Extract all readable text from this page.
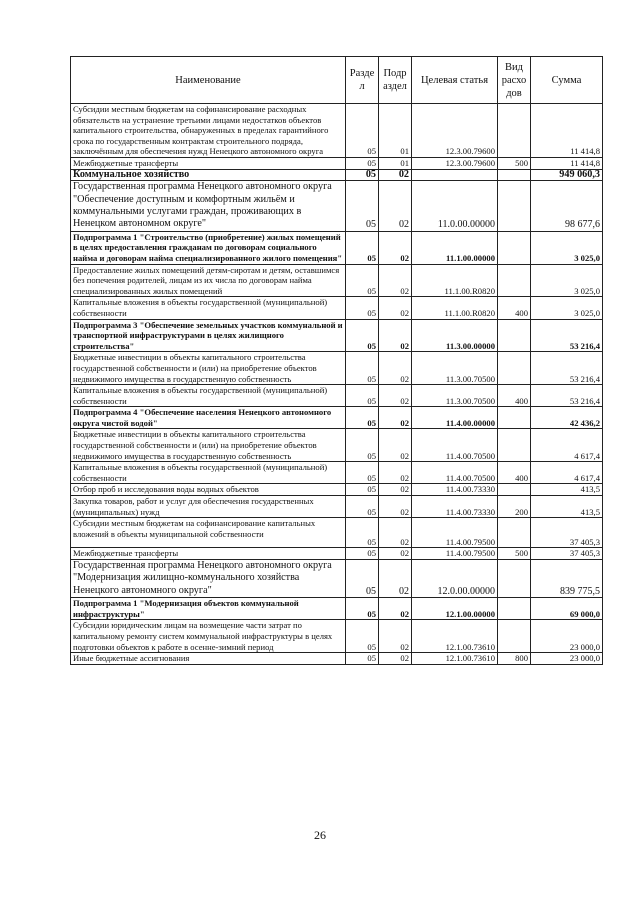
Наименование	Разде л	Подр аздел	Целевая статья	Вид расхо дов	Сумма
Субсидии местным бюджетам на софинансирование расходных обязательств на устранение третьими лицами недостатков объектов капитального строительства, обнаруженных в пределах гарантийного срока по государственным контрактам строительного подряда, заключённым для обеспечения нужд Ненецкого автономного округа	05	01	12.3.00.79600		11 414,8
Межбюджетные трансферты	05	01	12.3.00.79600	500	11 414,8
Коммунальное хозяйство	05	02			949 060,3
Государственная программа Ненецкого автономного округа "Обеспечение доступным и комфортным жильём и коммунальными услугами граждан, проживающих в Ненецком автономном округе"	05	02	11.0.00.00000		98 677,6
Подпрограмма 1 "Строительство (приобретение) жилых помещений в целях предоставления гражданам по договорам социального найма и договорам найма специализированного жилого помещения"	05	02	11.1.00.00000		3 025,0
Предоставление жилых помещений детям-сиротам и детям, оставшимся без попечения родителей, лицам из их числа по договорам найма специализированных жилых помещений	05	02	11.1.00.R0820		3 025,0
Капитальные вложения в объекты государственной (муниципальной) собственности	05	02	11.1.00.R0820	400	3 025,0
Подпрограмма 3 "Обеспечение земельных участков коммунальной и транспортной инфраструктурами в целях жилищного строительства"	05	02	11.3.00.00000		53 216,4
Бюджетные инвестиции в объекты капитального строительства государственной собственности и (или) на приобретение объектов недвижимого имущества в государственную собственность	05	02	11.3.00.70500		53 216,4
Капитальные вложения в объекты государственной (муниципальной) собственности	05	02	11.3.00.70500	400	53 216,4
Подпрограмма 4 "Обеспечение населения Ненецкого автономного округа чистой водой"	05	02	11.4.00.00000		42 436,2
Бюджетные инвестиции в объекты капитального строительства государственной собственности и (или) на приобретение объектов недвижимого имущества в государственную собственность	05	02	11.4.00.70500		4 617,4
Капитальные вложения в объекты государственной (муниципальной) собственности	05	02	11.4.00.70500	400	4 617,4
Отбор проб и исследования воды водных объектов	05	02	11.4.00.73330		413,5
Закупка товаров, работ и услуг для обеспечения государственных (муниципальных) нужд	05	02	11.4.00.73330	200	413,5
Субсидии местным бюджетам на софинансирование капитальных вложений в объекты муниципальной собственности	05	02	11.4.00.79500		37 405,3
Межбюджетные трансферты	05	02	11.4.00.79500	500	37 405,3
Государственная программа Ненецкого автономного округа "Модернизация жилищно-коммунального хозяйства Ненецкого автономного округа"	05	02	12.0.00.00000		839 775,5
Подпрограмма 1 "Модернизация объектов коммунальной инфраструктуры"	05	02	12.1.00.00000		69 000,0
Субсидии юридическим лицам на возмещение части затрат по капитальному ремонту систем коммунальной инфраструктуры в целях подготовки объектов к работе в осенне-зимний период	05	02	12.1.00.73610		23 000,0
Иные бюджетные ассигнования	05	02	12.1.00.73610	800	23 000,0
26
